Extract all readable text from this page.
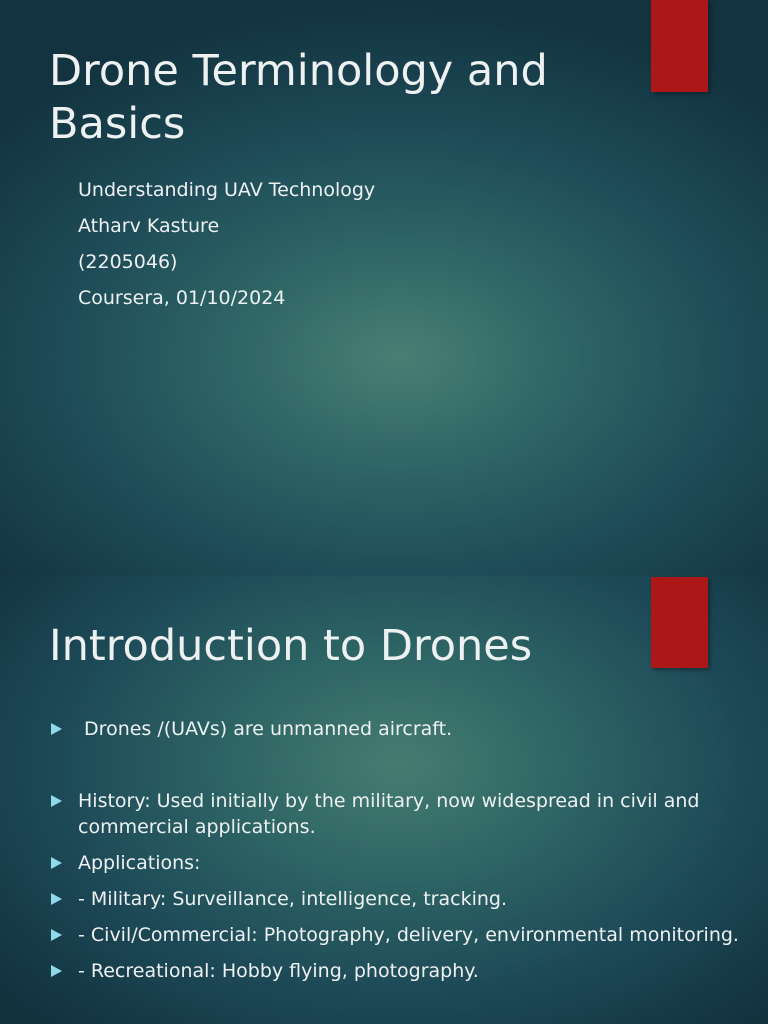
Drone Terminology and Basics
Understanding UAV Technology
Atharv Kasture
(2205046)
Coursera, 01/10/2024
Introduction to Drones
Drones /(UAVs) are unmanned aircraft.
History: Used initially by the military, now widespread in civil and commercial applications.
Applications:
- Military: Surveillance, intelligence, tracking.
- Civil/Commercial: Photography, delivery, environmental monitoring.
- Recreational: Hobby flying, photography.
